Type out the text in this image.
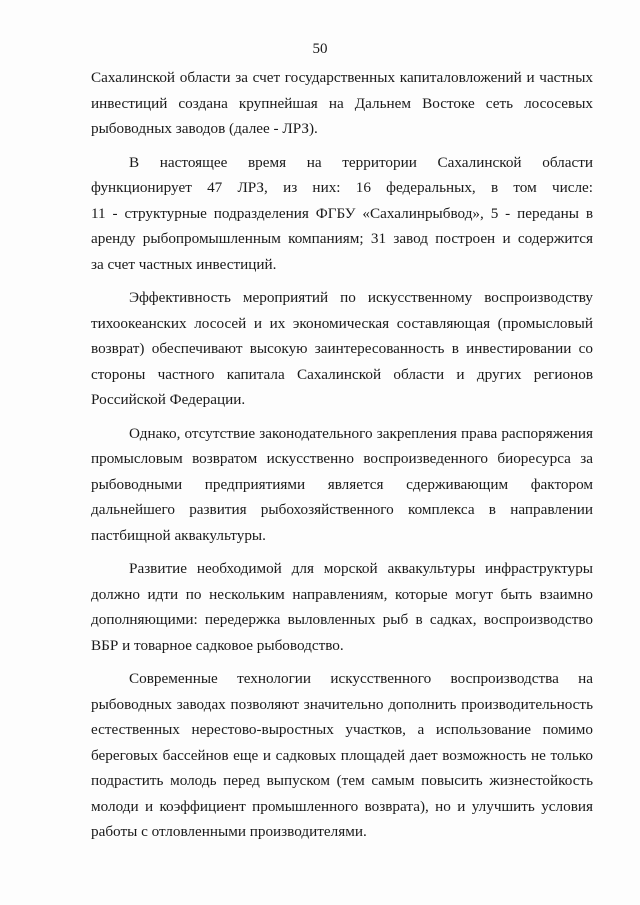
50

Сахалинской области за счет государственных капиталовложений и частных
инвестиций создана крупнейшая на Дальнем Востоке сеть лососевых
рыбоводных заводов (далее - ЛРЗ).

В настоящее время на территории Сахалинской области
функционирует 47 ЛРЗ, из них: 16 федеральных, в том числе:
11 - структурные подразделения ФГБУ «Сахалинрыбвод», 5 - переданы в
аренду рыбопромышленным компаниям; 31 завод построен и содержится
за счет частных инвестиций.

Эффективность мероприятий по искусственному воспроизводству
тихоокеанских лососей и их экономическая составляющая (промысловый
возврат) обеспечивают высокую заинтересованность в инвестировании со
стороны частного капитала Сахалинской области и других регионов
Российской Федерации.

Однако, отсутствие законодательного закрепления права распоряжения
промысловым возвратом искусственно воспроизведенного биоресурса за
рыбоводными предприятиями является сдерживающим фактором
дальнейшего развития рыбохозяйственного комплекса в направлении
пастбищной аквакультуры.

Развитие необходимой для морской аквакультуры инфраструктуры
должно идти по нескольким направлениям, которые могут быть взаимно
дополняющими: передержка выловленных рыб в садках, воспроизводство
ВБР и товарное садковое рыбоводство.

Современные технологии искусственного воспроизводства на
рыбоводных заводах позволяют значительно дополнить производительность
естественных нерестово-выростных участков, а использование помимо
береговых бассейнов еще и садковых площадей дает возможность не только
подрастить молодь перед выпуском (тем самым повысить жизнестойкость
молоди и коэффициент промышленного возврата), но и улучшить условия
работы с отловленными производителями.
